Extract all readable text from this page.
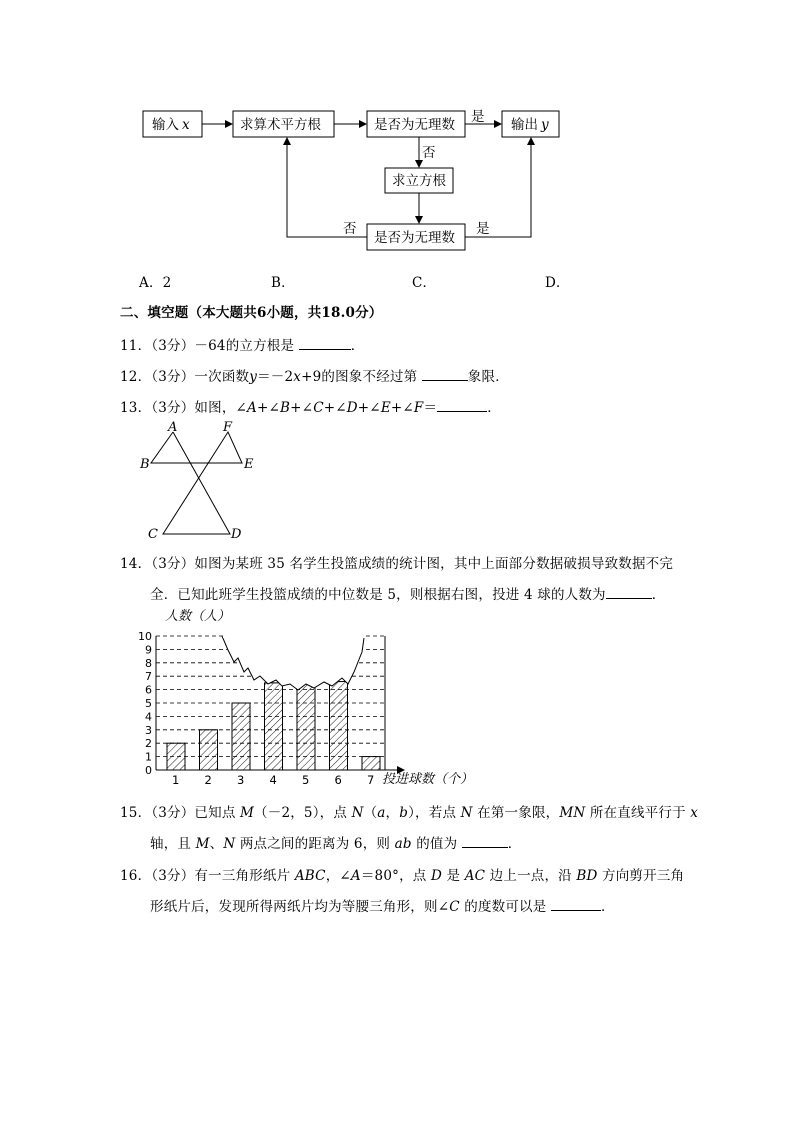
输入 x	求算术平方根	是否为无理数	输出 y
是
否
求立方根
是否为无理数
否	是
A．2	B．	C．	D．
二、填空题（本大题共6小题，共18.0分）
11．（3分）－64的立方根是	．
12．（3分）一次函数y＝－2x+9的图象不经过第	象限．
13．（3分）如图，∠A+∠B+∠C+∠D+∠E+∠F＝	．
A
B
C	D
E
F
14．（3分）如图为某班 35 名学生投篮成绩的统计图，其中上面部分数据破损导致数据不完
全．已知此班学生投篮成绩的中位数是 5，则根据右图，投进 4 球的人数为	．
人数（人）
0
1
2
3
4
5
6
7
8
9
10
1 2 3 4 5 6 7 投进球数（个）
15．（3分）已知点 M（－2，5），点 N（a，b），若点 N 在第一象限，MN 所在直线平行于 x
轴，且 M、N 两点之间的距离为 6，则 ab 的值为	．
16．（3分）有一三角形纸片 ABC，∠A＝80°，点 D 是 AC 边上一点，沿 BD 方向剪开三角
形纸片后，发现所得两纸片均为等腰三角形，则∠C 的度数可以是	．
